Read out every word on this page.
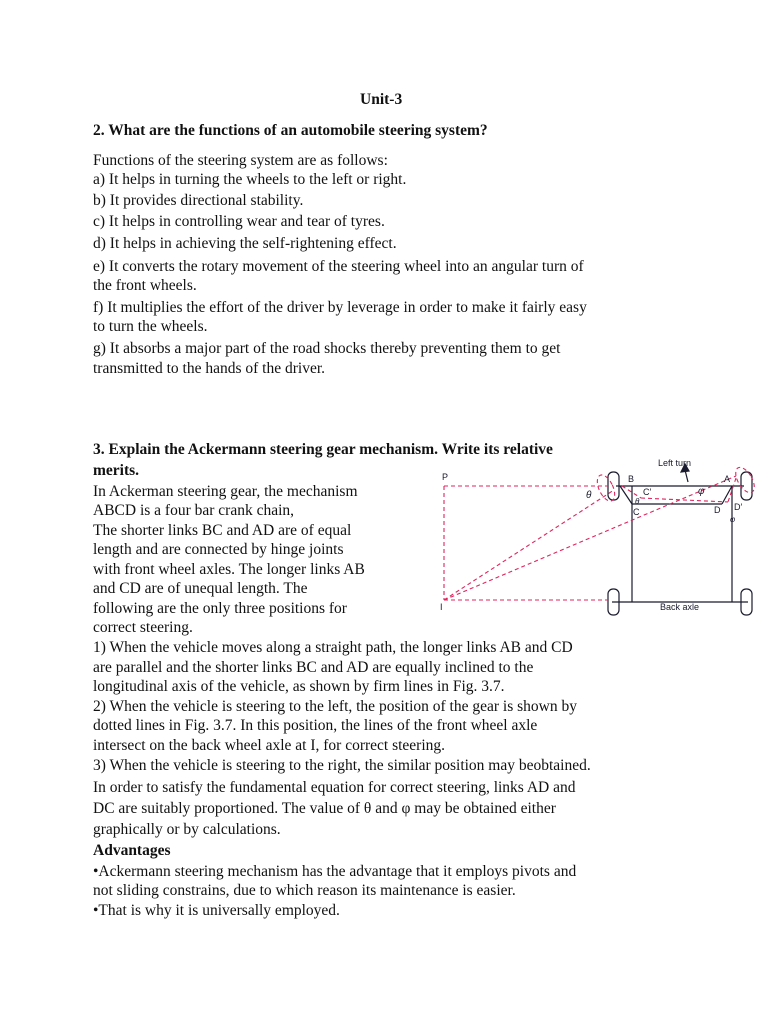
Unit-3
2. What are the functions of an automobile steering system?
Functions of the steering system are as follows:
a) It helps in turning the wheels to the left or right.
b) It provides directional stability.
c) It helps in controlling wear and tear of tyres.
d) It helps in achieving the self-rightening effect.
e) It converts the rotary movement of the steering wheel into an angular turn of
the front wheels.
f) It multiplies the effort of the driver by leverage in order to make it fairly easy
to turn the wheels.
g) It absorbs a major part of the road shocks thereby preventing them to get
transmitted to the hands of the driver.
3. Explain the Ackermann steering gear mechanism. Write its relative
merits.
In Ackerman steering gear, the mechanism
ABCD is a four bar crank chain,
The shorter links BC and AD are of equal
length and are connected by hinge joints
with front wheel axles. The longer links AB
and CD are of unequal length. The
following are the only three positions for
correct steering.
1) When the vehicle moves along a straight path, the longer links AB and CD
are parallel and the shorter links BC and AD are equally inclined to the
longitudinal axis of the vehicle, as shown by firm lines in Fig. 3.7.
2) When the vehicle is steering to the left, the position of the gear is shown by
dotted lines in Fig. 3.7. In this position, the lines of the front wheel axle
intersect on the back wheel axle at I, for correct steering.
3) When the vehicle is steering to the right, the similar position may beobtained.
In order to satisfy the fundamental equation for correct steering, links AD and
DC are suitably proportioned. The value of θ and φ may be obtained either
graphically or by calculations.
Advantages
•Ackermann steering mechanism has the advantage that it employs pivots and
not sliding constrains, due to which reason its maintenance is easier.
•That is why it is universally employed.
P
I
B	A
C	D
C′
D′
Left turn
Back axle
θ
θ
φ
φ
